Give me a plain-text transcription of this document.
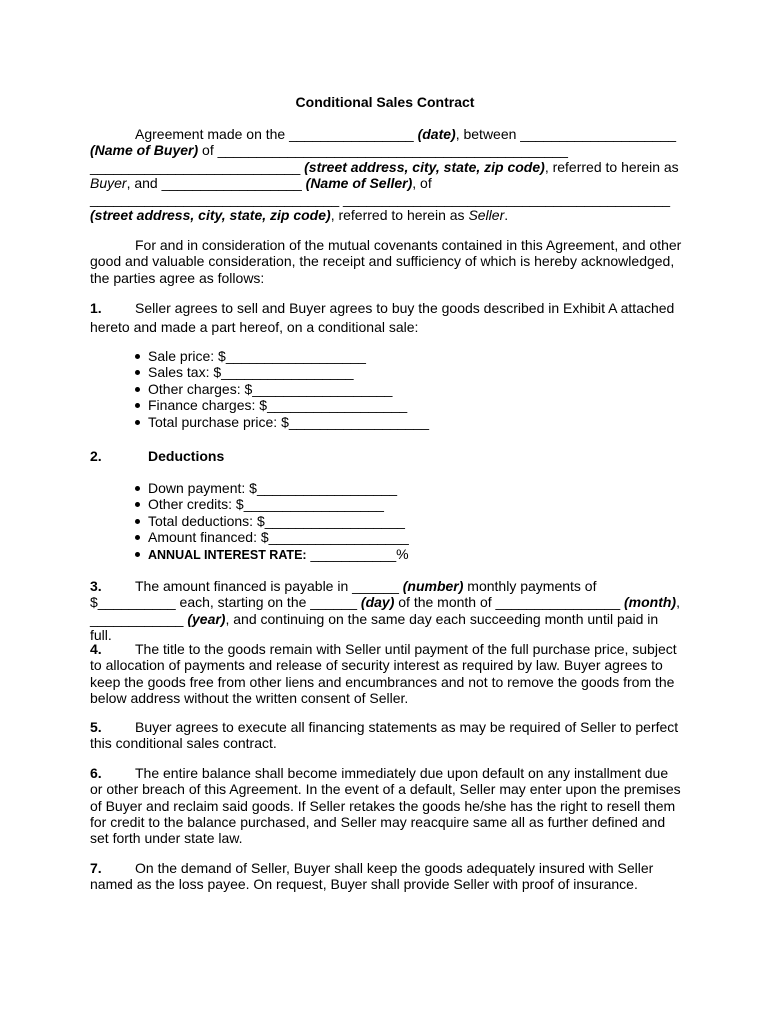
Conditional Sales Contract
Agreement made on the ________________ (date), between ____________________ (Name of Buyer) of _____________________________________________ ___________________________ (street address, city, state, zip code), referred to herein as Buyer, and __________________ (Name of Seller), of ________________________________ __________________________________________ (street address, city, state, zip code), referred to herein as Seller.
For and in consideration of the mutual covenants contained in this Agreement, and other good and valuable consideration, the receipt and sufficiency of which is hereby acknowledged, the parties agree as follows:
1. Seller agrees to sell and Buyer agrees to buy the goods described in Exhibit A attached hereto and made a part hereof, on a conditional sale:
Sale price: $__________________
Sales tax: $_________________
Other charges: $__________________
Finance charges: $__________________
Total purchase price: $__________________
2.	Deductions
Down payment: $__________________
Other credits: $__________________
Total deductions: $__________________
Amount financed: $__________________
ANNUAL INTEREST RATE: ___________%
3. The amount financed is payable in ______ (number) monthly payments of $__________ each, starting on the ______ (day) of the month of ________________ (month), ____________ (year), and continuing on the same day each succeeding month until paid in full.
4. The title to the goods remain with Seller until payment of the full purchase price, subject to allocation of payments and release of security interest as required by law. Buyer agrees to keep the goods free from other liens and encumbrances and not to remove the goods from the below address without the written consent of Seller.
5. Buyer agrees to execute all financing statements as may be required of Seller to perfect this conditional sales contract.
6. The entire balance shall become immediately due upon default on any installment due or other breach of this Agreement. In the event of a default, Seller may enter upon the premises of Buyer and reclaim said goods. If Seller retakes the goods he/she has the right to resell them for credit to the balance purchased, and Seller may reacquire same all as further defined and set forth under state law.
7. On the demand of Seller, Buyer shall keep the goods adequately insured with Seller named as the loss payee. On request, Buyer shall provide Seller with proof of insurance.
